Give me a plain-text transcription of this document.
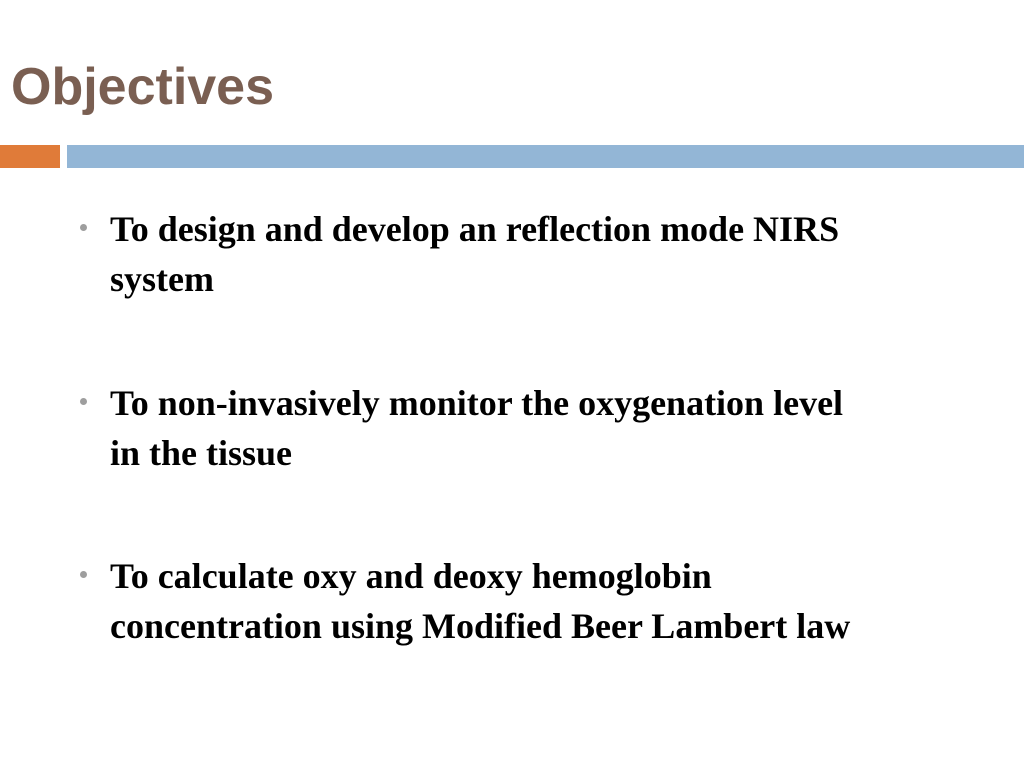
Objectives

To design and develop an reflection mode NIRS
system

To non-invasively monitor the oxygenation level
in the tissue

To calculate oxy and deoxy hemoglobin
concentration using Modified Beer Lambert law
